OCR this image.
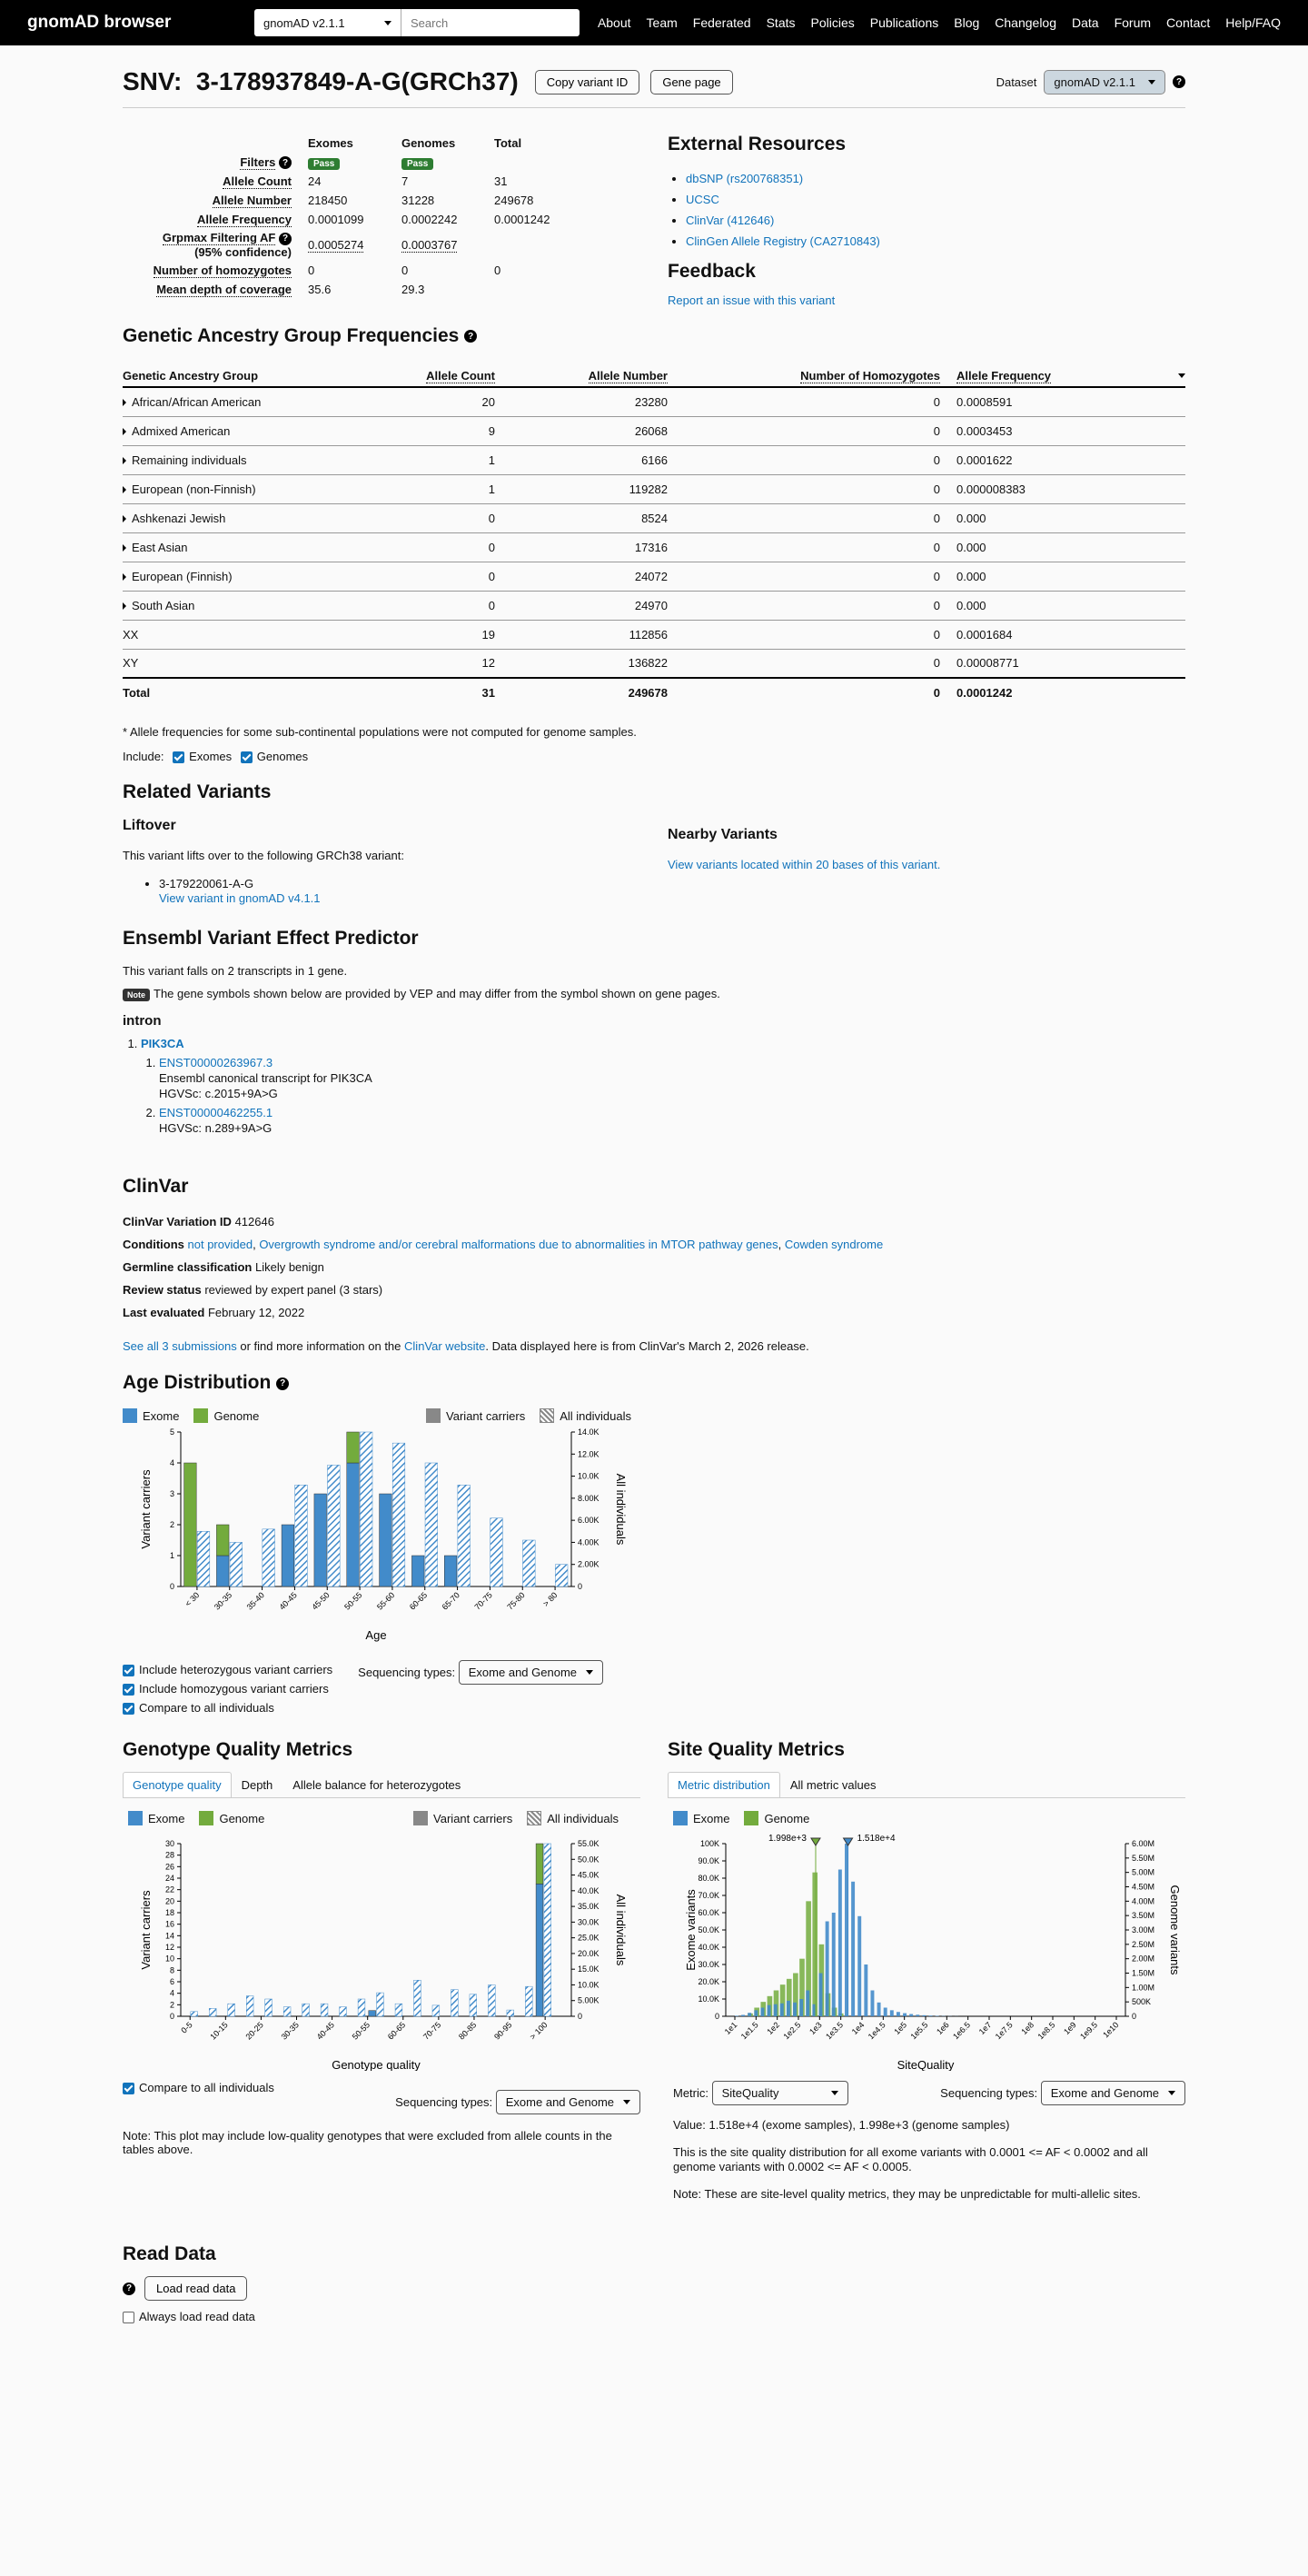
gnomAD browser	gnomAD v2.1.1
Search	About Team Federated Stats Policies Publications Blog Changelog Data Forum Contact Help/FAQ
SNV: 3-178937849-A-G(GRCh37)	Copy variant ID	Gene page	Dataset gnomAD v2.1.1	?
	Exomes	Genomes	Total
Filters ?	Pass	Pass	
Allele Count	24	7	31
Allele Number	218450	31228	249678
Allele Frequency	0.0001099	0.0002242	0.0001242
Grpmax Filtering AF ?
(95% confidence)	0.0005274	0.0003767	
Number of homozygotes	0	0	0
Mean depth of coverage	35.6	29.3	
External Resources
• dbSNP (rs200768351)
• UCSC
• ClinVar (412646)
• ClinGen Allele Registry (CA2710843)
Feedback
Report an issue with this variant
Genetic Ancestry Group Frequencies ?
Genetic Ancestry Group	Allele Count	Allele Number	Number of Homozygotes	Allele Frequency

African/African American	20	23280	0	0.0008591
Admixed American	9	26068	0	0.0003453
Remaining individuals	1	6166	0	0.0001622
European (non-Finnish)	1	119282	0	0.000008383
Ashkenazi Jewish	0	8524	0	0.000
East Asian	0	17316	0	0.000
European (Finnish)	0	24072	0	0.000
South Asian	0	24970	0	0.000
XX	19	112856	0	0.0001684
XY	12	136822	0	0.00008771
Total	31	249678	0	0.0001242

* Allele frequencies for some sub-continental populations were not computed for genome samples.

Include: Exomes Genomes
Related Variants
Liftover

This variant lifts over to the following GRCh38 variant:

• 3-179220061-A-G
View variant in gnomAD v4.1.1
Nearby Variants
View variants located within 20 bases of this variant.
Ensembl Variant Effect Predictor

This variant falls on 2 transcripts in 1 gene.

Note The gene symbols shown below are provided by VEP and may differ from the symbol shown on gene pages.

intron
1. PIK3CA
1. ENST00000263967.3
Ensembl canonical transcript for PIK3CA
HGVSc: c.2015+9A>G
2. ENST00000462255.1
HGVSc: n.289+9A>G
ClinVar
ClinVar Variation ID 412646
Conditions not provided, Overgrowth syndrome and/or cerebral malformations due to abnormalities in MTOR pathway genes, Cowden syndrome
Germline classification Likely benign
Review status reviewed by expert panel (3 stars)
Last evaluated February 12, 2022
See all 3 submissions or find more information on the ClinVar website. Data displayed here is from ClinVar's March 2, 2026 release.
Age Distribution ?
Exome	Genome	Variant carriers	All individuals
0
1
2
3
4
5
0
2.00K
4.00K
6.00K
8.00K
10.0K
12.0K
14.0K
Variant carriers	All individuals
Age
< 30 30-35 35-40 40-45 45-50 50-55 55-60 60-65 65-70 70-75 75-80 > 80
Include heterozygous variant carriers
Include homozygous variant carriers
Compare to all individuals
Sequencing types: Exome and Genome
Genotype Quality Metrics
Genotype quality	Depth	Allele balance for heterozygotes
Exome	Genome	Variant carriers	All individuals
0
2
4
6
8
10
12
14
16
18
20
22
24
26
28
30
0
5.00K
10.0K
15.0K
20.0K
25.0K
30.0K
35.0K
40.0K
45.0K
50.0K
55.0K
Variant carriers	All individuals
Genotype quality
0-5 10-15 20-25 30-35 40-45 50-55 60-65 70-75 80-85 90-95 > 100
Compare to all individuals
Sequencing types: Exome and Genome

Note: This plot may include low-quality genotypes that were excluded from allele counts in the tables above.

Site Quality Metrics
Metric distribution	All metric values
Exome	Genome
0
10.0K
20.0K
30.0K
40.0K
50.0K
60.0K
70.0K
80.0K
90.0K
100K
0
500K
1.00M
1.50M
2.00M
2.50M
3.00M
3.50M
4.00M
4.50M
5.00M
5.50M
6.00M
Exome variants	Genome variants
SiteQuality
1e1 1e1.5 1e2 1e2.5 1e3 1e3.5 1e4 1e4.5 1e5 1e5.5 1e6 1e6.5 1e7 1e7.5 1e8 1e8.5 1e9 1e9.5 1e10
1.998e+3	1.518e+4
Metric:
SiteQuality	Sequencing types:
Exome and Genome

Value: 1.518e+4 (exome samples), 1.998e+3 (genome samples)

This is the site quality distribution for all exome variants with 0.0001 <= AF < 0.0002 and all genome variants with 0.0002 <= AF < 0.0005.

Note: These are site-level quality metrics, they may be unpredictable for multi-allelic sites.

Read Data
?	Load read data
Always load read data
